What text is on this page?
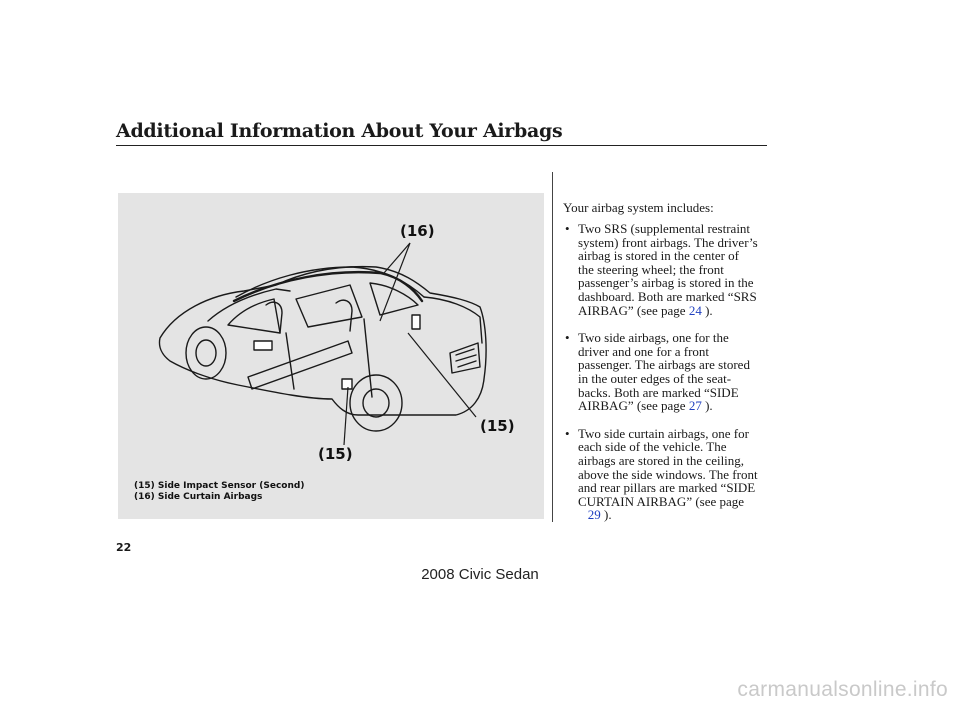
Additional Information About Your Airbags
(16)
(15)
(15)
(15) Side Impact Sensor (Second)
(16) Side Curtain Airbags

Your airbag system includes:

• Two SRS (supplemental restraint
system) front airbags. The driver’s
airbag is stored in the center of
the steering wheel; the front
passenger’s airbag is stored in the
dashboard. Both are marked “SRS
AIRBAG” (see page 24 ).
• Two side airbags, one for the
driver and one for a front
passenger. The airbags are stored
in the outer edges of the seat-
backs. Both are marked “SIDE
AIRBAG” (see page 27 ).
• Two side curtain airbags, one for
each side of the vehicle. The
airbags are stored in the ceiling,
above the side windows. The front
and rear pillars are marked “SIDE
CURTAIN AIRBAG” (see page
29 ).
22
2008 Civic Sedan
carmanualsonline.info
